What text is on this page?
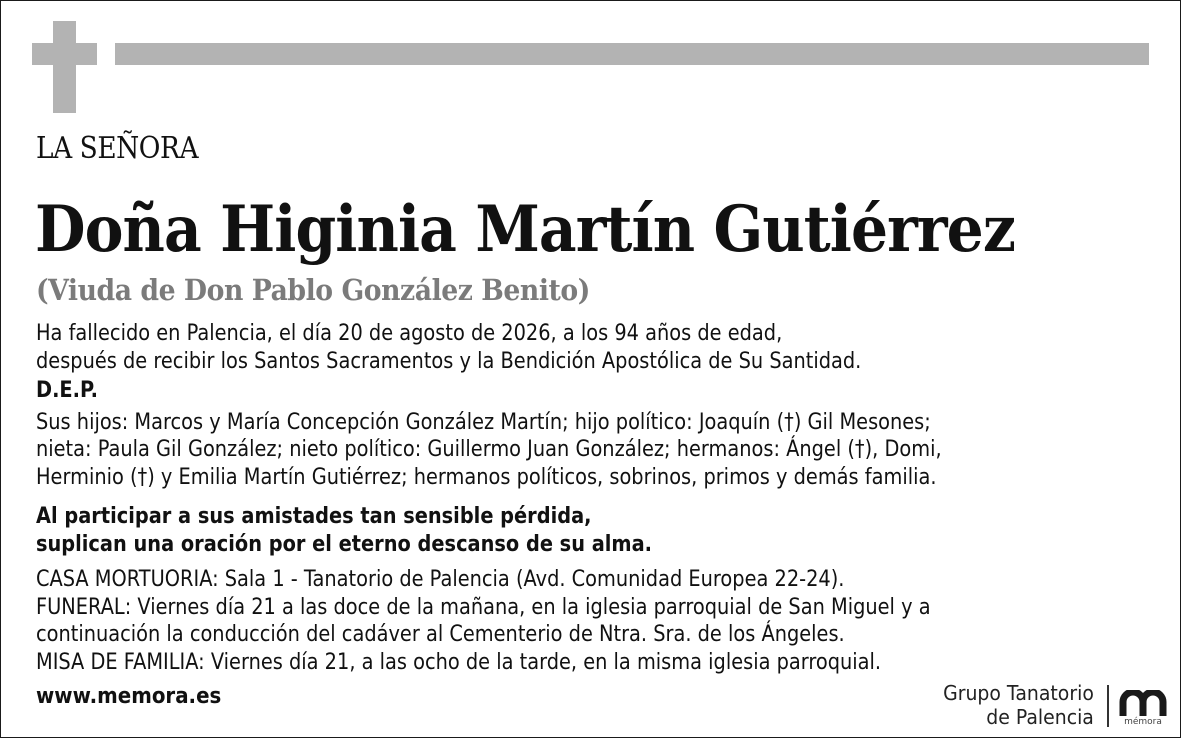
LA SEÑORA
Doña Higinia Martín Gutiérrez
(Viuda de Don Pablo González Benito)
Ha fallecido en Palencia, el día 20 de agosto de 2026, a los 94 años de edad,
después de recibir los Santos Sacramentos y la Bendición Apostólica de Su Santidad.
D.E.P.
Sus hijos: Marcos y María Concepción González Martín; hijo político: Joaquín (†) Gil Mesones;
nieta: Paula Gil González; nieto político: Guillermo Juan González; hermanos: Ángel (†), Domi,
Herminio (†) y Emilia Martín Gutiérrez; hermanos políticos, sobrinos, primos y demás familia.
Al participar a sus amistades tan sensible pérdida,
suplican una oración por el eterno descanso de su alma.
CASA MORTUORIA: Sala 1 - Tanatorio de Palencia (Avd. Comunidad Europea 22-24).
FUNERAL: Viernes día 21 a las doce de la mañana, en la iglesia parroquial de San Miguel y a
continuación la conducción del cadáver al Cementerio de Ntra. Sra. de los Ángeles.
MISA DE FAMILIA: Viernes día 21, a las ocho de la tarde, en la misma iglesia parroquial.
www.memora.es	Grupo Tanatorio
de Palencia	mémora
